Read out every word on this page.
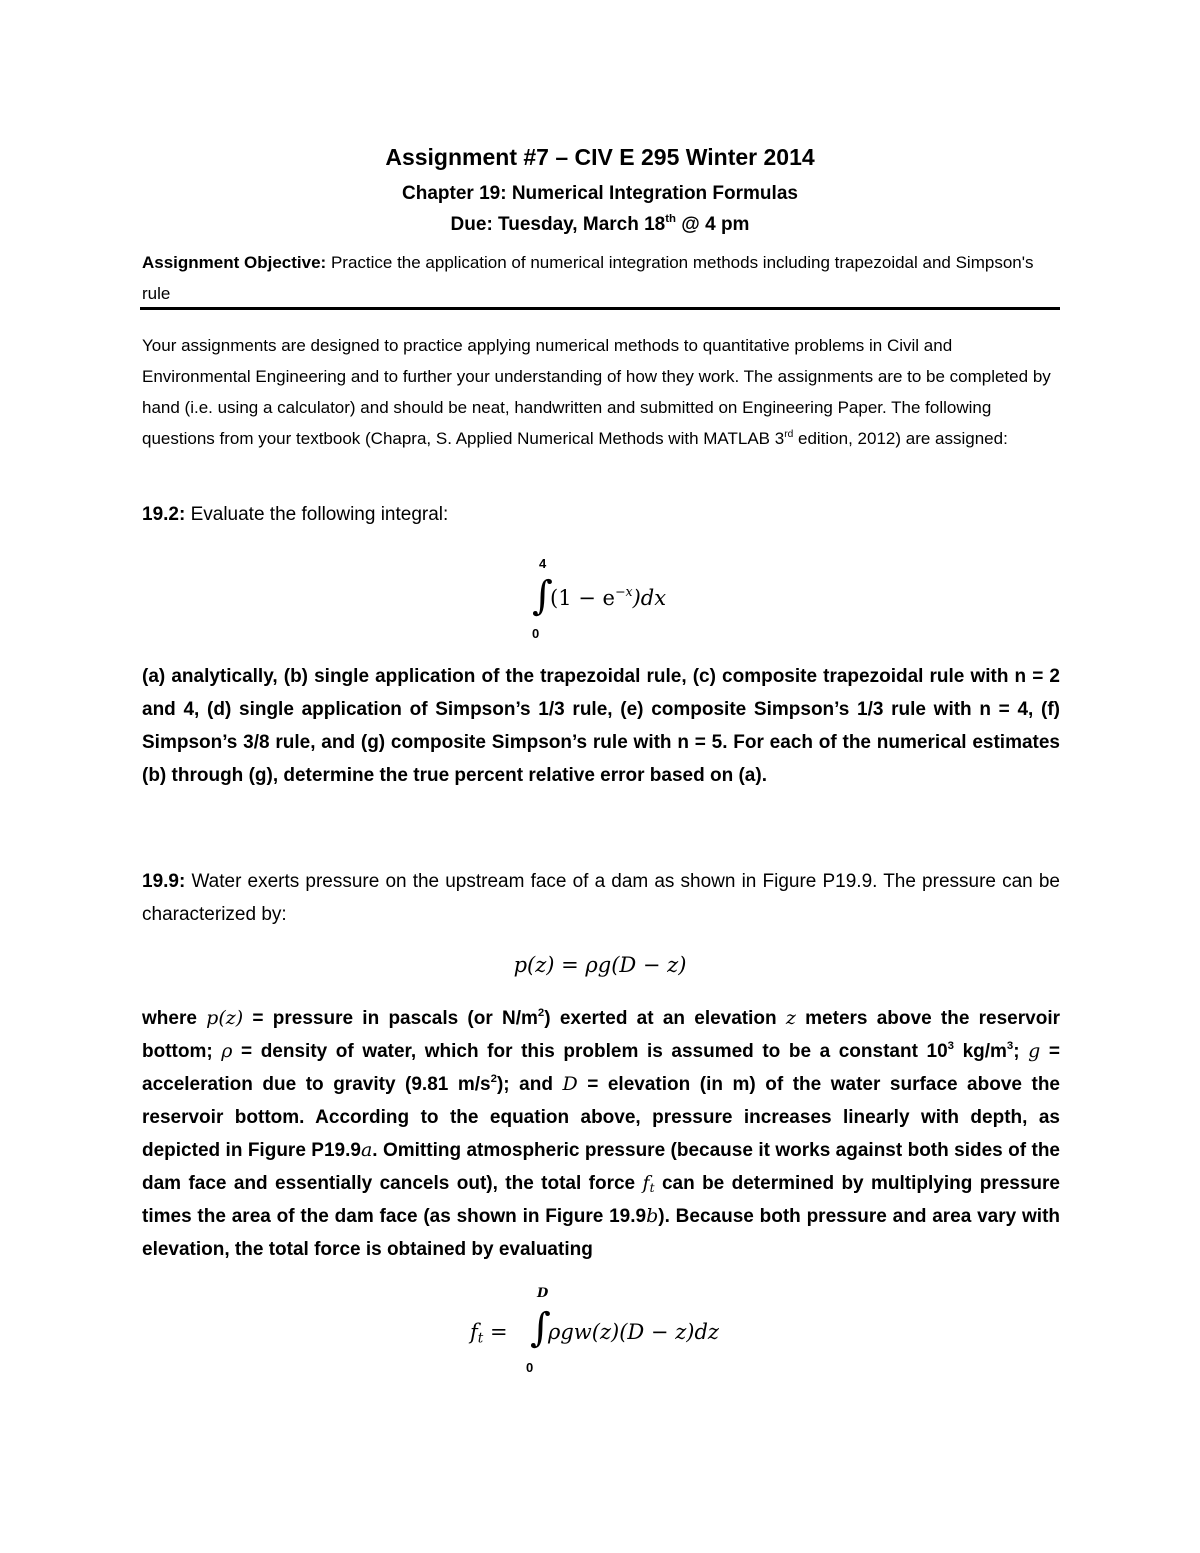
Assignment #7 – CIV E 295 Winter 2014
Chapter 19: Numerical Integration Formulas
Due: Tuesday, March 18th @ 4 pm
Assignment Objective: Practice the application of numerical integration methods including trapezoidal and Simpson's rule
Your assignments are designed to practice applying numerical methods to quantitative problems in Civil and Environmental Engineering and to further your understanding of how they work. The assignments are to be completed by hand (i.e. using a calculator) and should be neat, handwritten and submitted on Engineering Paper. The following questions from your textbook (Chapra, S. Applied Numerical Methods with MATLAB 3rd edition, 2012) are assigned:
19.2: Evaluate the following integral:
4
∫
0
$(1 - e^{-x})dx$
(a) analytically, (b) single application of the trapezoidal rule, (c) composite trapezoidal rule with n = 2 and 4, (d) single application of Simpson’s 1/3 rule, (e) composite Simpson’s 1/3 rule with n = 4, (f) Simpson’s 3/8 rule, and (g) composite Simpson’s rule with n = 5. For each of the numerical estimates (b) through (g), determine the true percent relative error based on (a).
19.9: Water exerts pressure on the upstream face of a dam as shown in Figure P19.9. The pressure can be characterized by:
p(z) = ρg(D − z)
where p(z) = pressure in pascals (or $N/m^2$) exerted at an elevation z meters above the reservoir bottom; ρ = density of water, which for this problem is assumed to be a constant $10^3$ $kg/m^3$; g = acceleration due to gravity (9.81 $m/s^2$); and D = elevation (in m) of the water surface above the reservoir bottom. According to the equation above, pressure increases linearly with depth, as depicted in Figure P19.9a. Omitting atmospheric pressure (because it works against both sides of the dam face and essentially cancels out), the total force $f_t$ can be determined by multiplying pressure times the area of the dam face (as shown in Figure 19.9b). Because both pressure and area vary with elevation, the total force is obtained by evaluating
$f_t$ =
D
∫
0
ρgw(z)(D − z)dz
